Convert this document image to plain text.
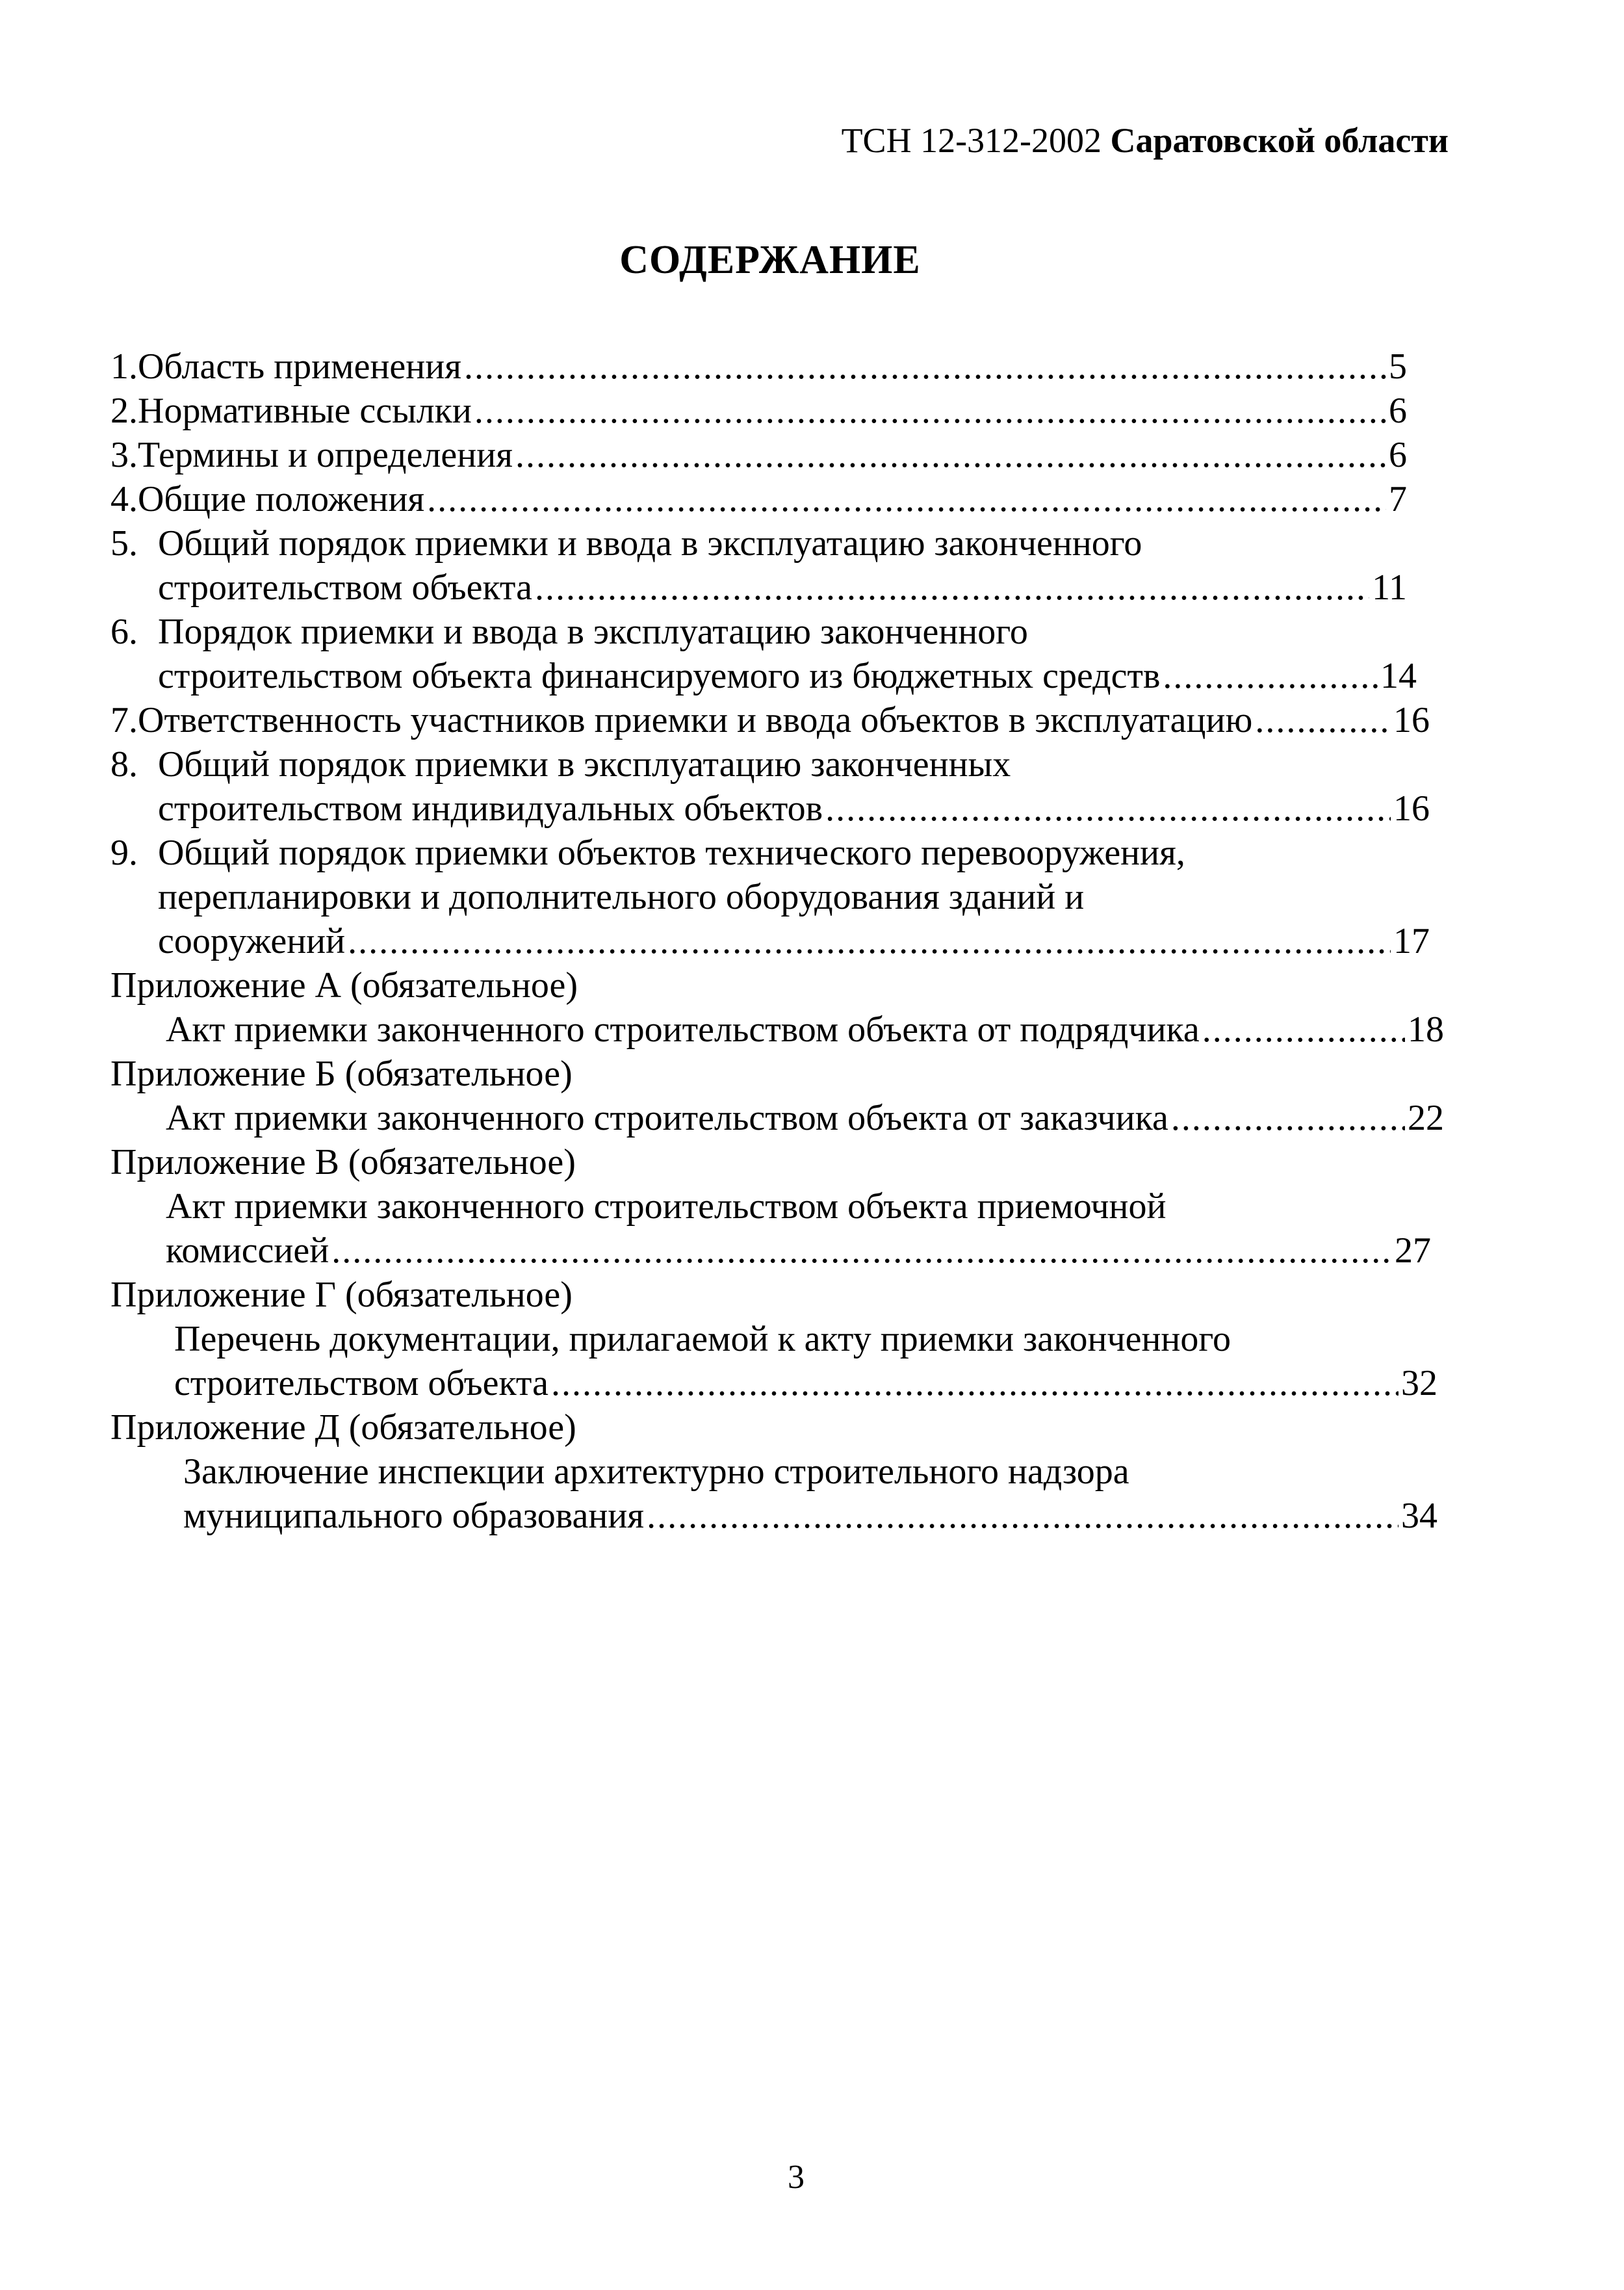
ТСН 12-312-2002 Саратовской области
СОДЕРЖАНИЕ
1. Область применения . . .	5
2. Нормативные ссылки . . .	6
3. Термины и определения . . .	6
4. Общие положения . . .	7
5. Общий порядок приемки и ввода в эксплуатацию законченного
строительством объекта . . .	11
6. Порядок приемки и ввода в эксплуатацию законченного
строительством объекта финансируемого из бюджетных средств . . .	14
7. Ответственность участников приемки и ввода объектов в эксплуатацию . . .	16
8. Общий порядок приемки в эксплуатацию законченных
строительством индивидуальных объектов . . .	16
9. Общий порядок приемки объектов технического перевооружения,
перепланировки и дополнительного оборудования зданий и
сооружений . . .	17
Приложение А (обязательное)
Акт приемки законченного строительством объекта от подрядчика . . .	18
Приложение Б (обязательное)
Акт приемки законченного строительством объекта от заказчика . . .	22
Приложение В (обязательное)
Акт приемки законченного строительством объекта приемочной
комиссией . . .	27
Приложение Г (обязательное)
Перечень документации, прилагаемой к акту приемки законченного
строительством объекта . . .	32
Приложение Д (обязательное)
Заключение инспекции архитектурно строительного надзора
муниципального образования . . .	34
3
